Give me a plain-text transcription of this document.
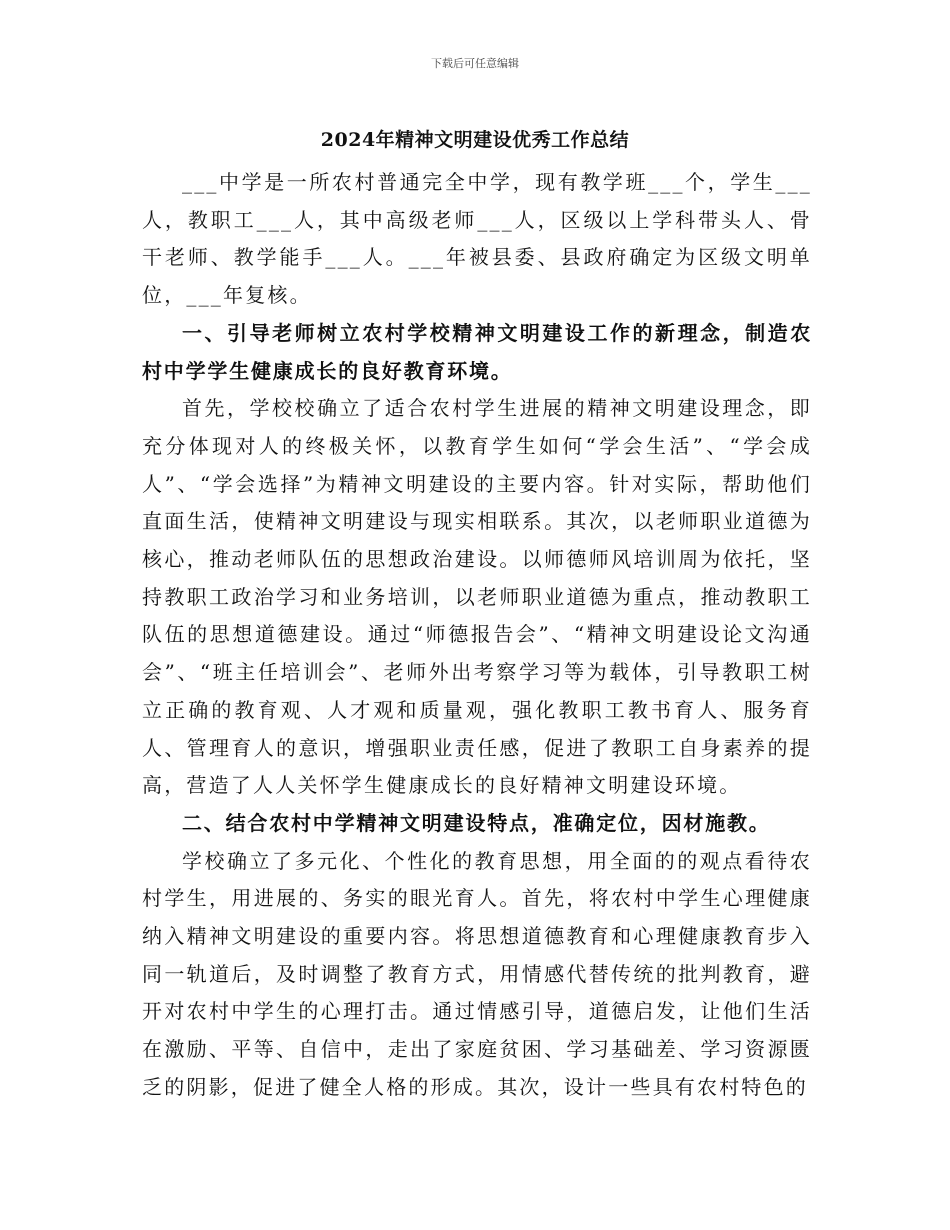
下载后可任意编辑
2024年精神文明建设优秀工作总结

___中学是一所农村普通完全中学，现有教学班___个，学生___人，教职工___人，其中高级老师___人，区级以上学科带头人、骨干老师、教学能手___人。___年被县委、县政府确定为区级文明单位，___年复核。

一、引导老师树立农村学校精神文明建设工作的新理念，制造农村中学学生健康成长的良好教育环境。

首先，学校校确立了适合农村学生进展的精神文明建设理念，即充分体现对人的终极关怀，以教育学生如何“学会生活”、“学会成人”、“学会选择”为精神文明建设的主要内容。针对实际，帮助他们直面生活，使精神文明建设与现实相联系。其次，以老师职业道德为核心，推动老师队伍的思想政治建设。以师德师风培训周为依托，坚持教职工政治学习和业务培训，以老师职业道德为重点，推动教职工队伍的思想道德建设。通过“师德报告会”、“精神文明建设论文沟通会”、“班主任培训会”、老师外出考察学习等为载体，引导教职工树立正确的教育观、人才观和质量观，强化教职工教书育人、服务育人、管理育人的意识，增强职业责任感，促进了教职工自身素养的提高，营造了人人关怀学生健康成长的良好精神文明建设环境。

二、结合农村中学精神文明建设特点，准确定位，因材施教。

学校确立了多元化、个性化的教育思想，用全面的的观点看待农村学生，用进展的、务实的眼光育人。首先，将农村中学生心理健康纳入精神文明建设的重要内容。将思想道德教育和心理健康教育步入同一轨道后，及时调整了教育方式，用情感代替传统的批判教育，避开对农村中学生的心理打击。通过情感引导，道德启发，让他们生活在激励、平等、自信中，走出了家庭贫困、学习基础差、学习资源匮乏的阴影，促进了健全人格的形成。其次，设计一些具有农村特色的
